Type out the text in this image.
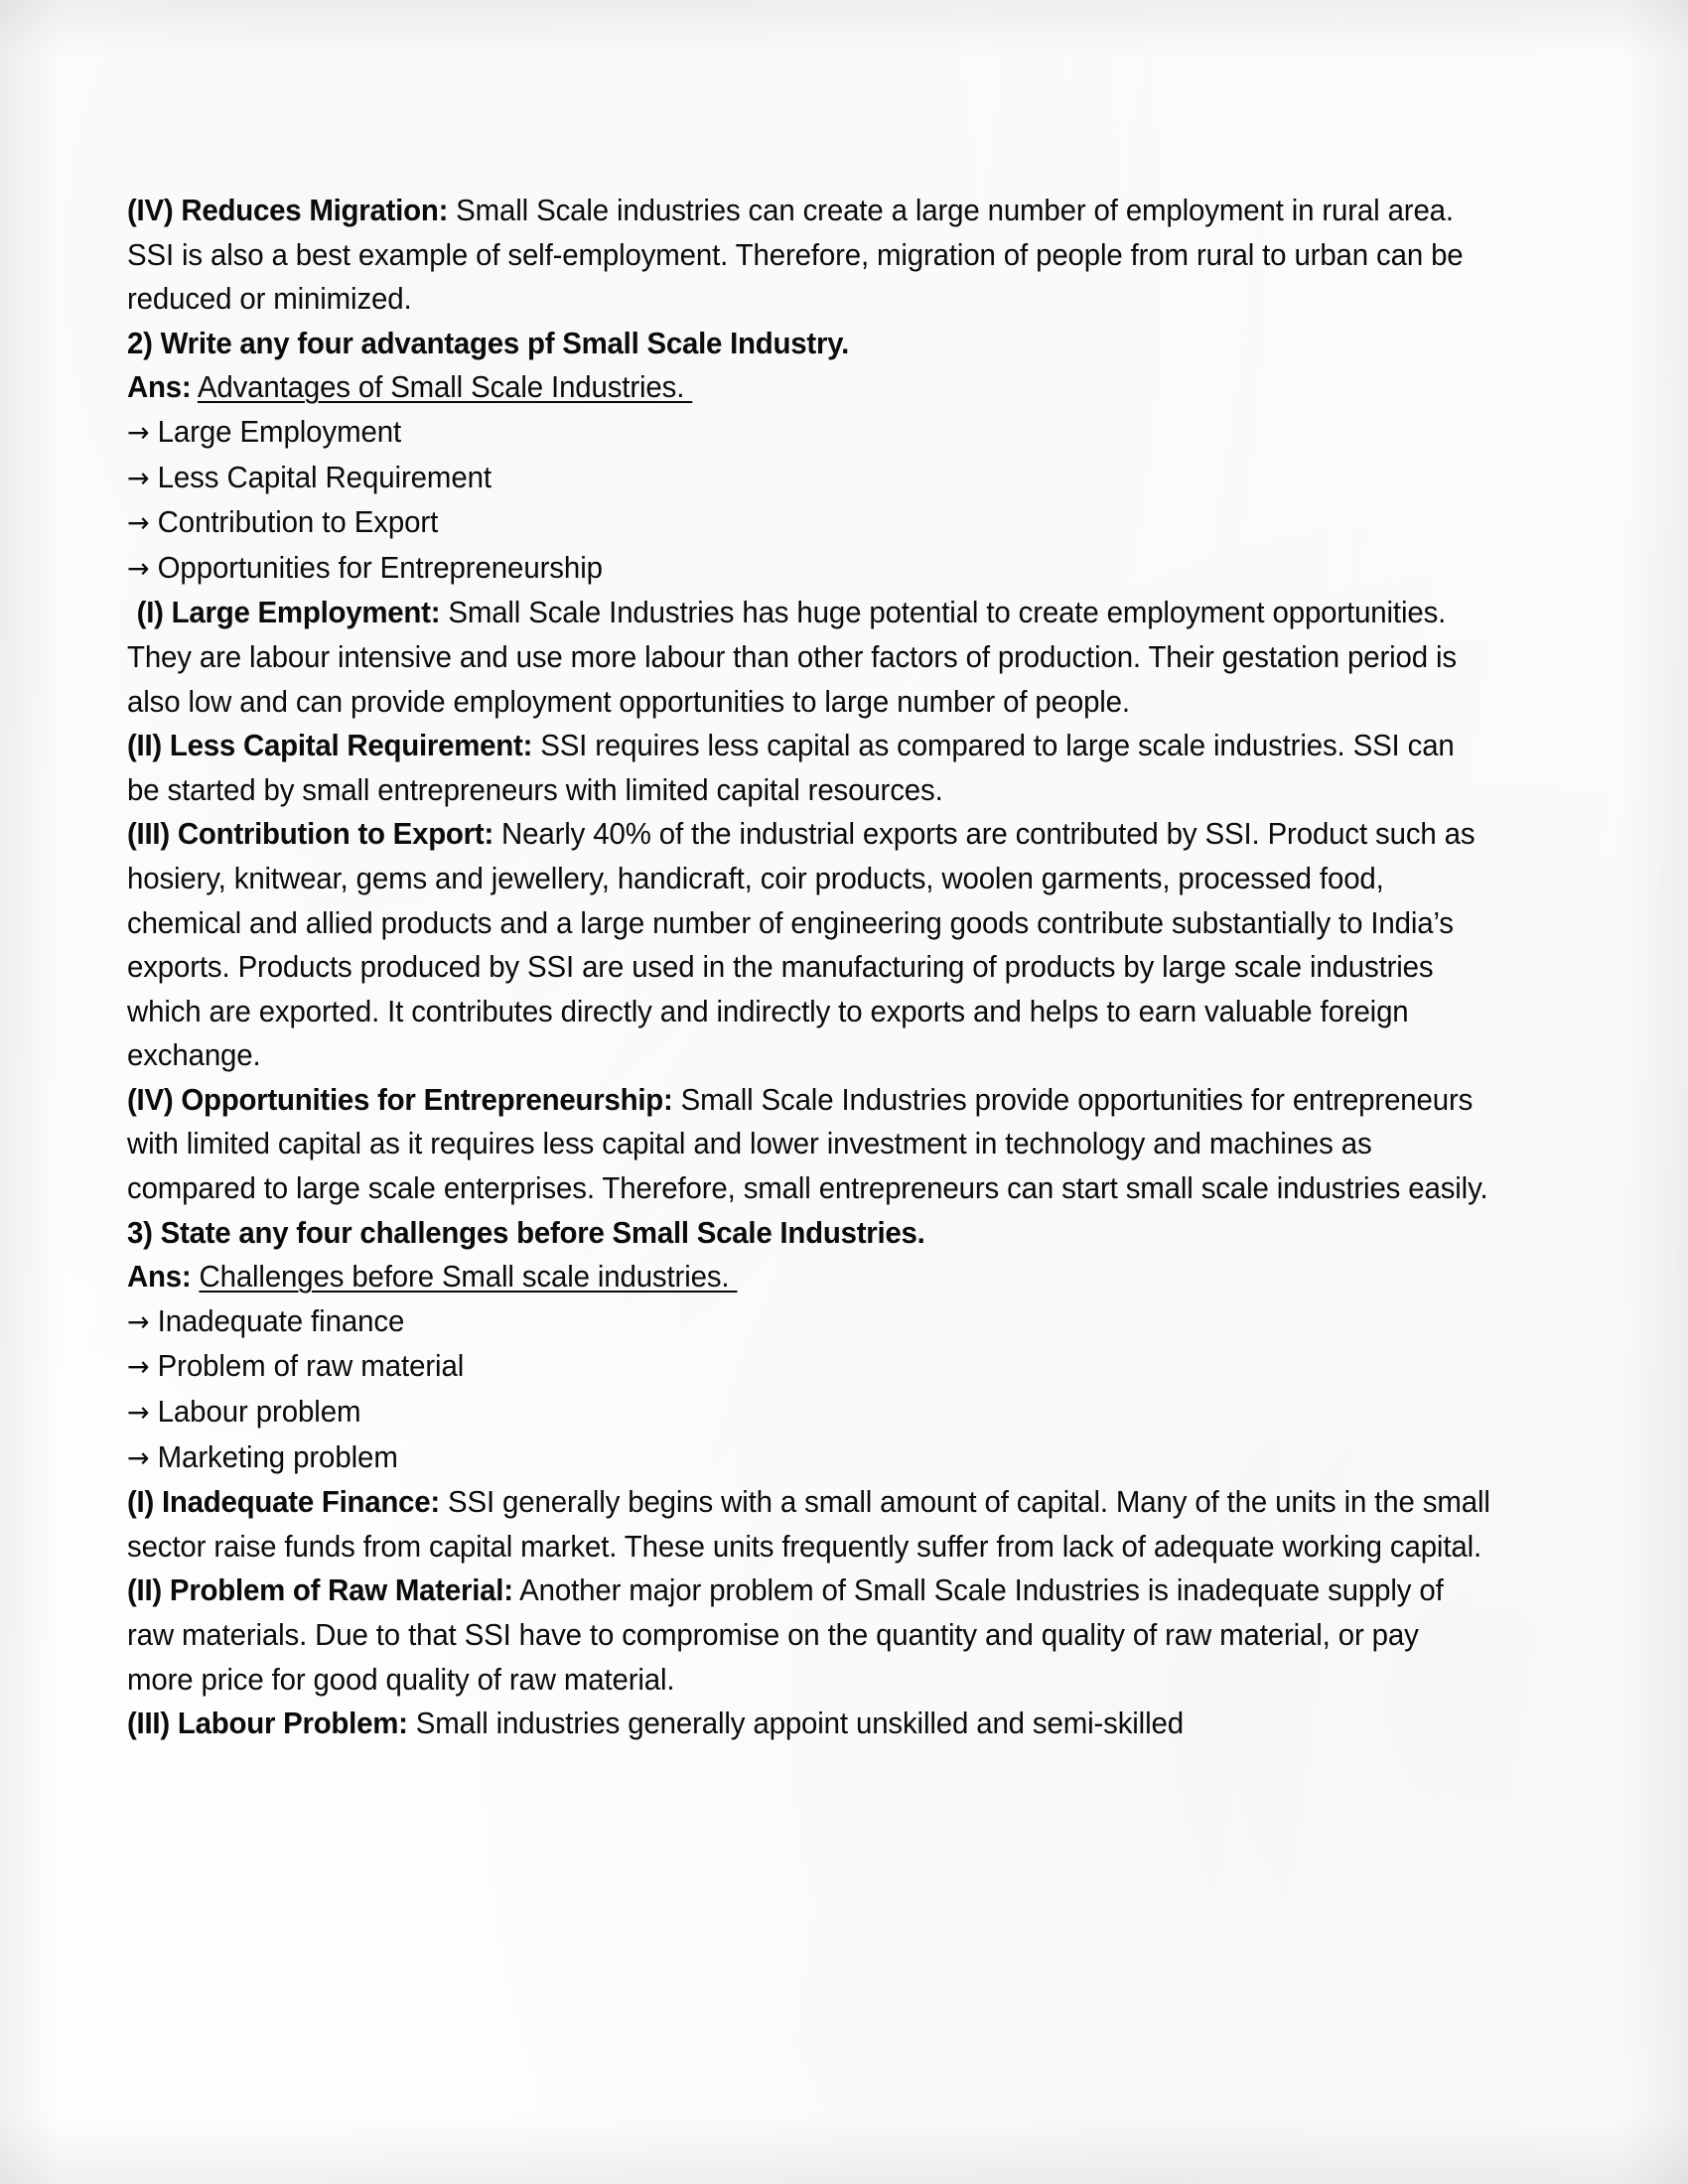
(IV) Reduces Migration: Small Scale industries can create a large number of employment in rural area. SSI is also a best example of self-employment. Therefore, migration of people from rural to urban can be reduced or minimized.
2) Write any four advantages pf Small Scale Industry.
Ans: Advantages of Small Scale Industries.
→ Large Employment
→ Less Capital Requirement
→ Contribution to Export
→ Opportunities for Entrepreneurship
(I) Large Employment: Small Scale Industries has huge potential to create employment opportunities. They are labour intensive and use more labour than other factors of production. Their gestation period is also low and can provide employment opportunities to large number of people.
(II) Less Capital Requirement: SSI requires less capital as compared to large scale industries. SSI can be started by small entrepreneurs with limited capital resources.
(III) Contribution to Export: Nearly 40% of the industrial exports are contributed by SSI. Product such as hosiery, knitwear, gems and jewellery, handicraft, coir products, woolen garments, processed food, chemical and allied products and a large number of engineering goods contribute substantially to India’s exports. Products produced by SSI are used in the manufacturing of products by large scale industries which are exported. It contributes directly and indirectly to exports and helps to earn valuable foreign exchange.
(IV) Opportunities for Entrepreneurship: Small Scale Industries provide opportunities for entrepreneurs with limited capital as it requires less capital and lower investment in technology and machines as compared to large scale enterprises. Therefore, small entrepreneurs can start small scale industries easily.
3) State any four challenges before Small Scale Industries.
Ans: Challenges before Small scale industries.
→ Inadequate finance
→ Problem of raw material
→ Labour problem
→ Marketing problem
(I) Inadequate Finance: SSI generally begins with a small amount of capital. Many of the units in the small sector raise funds from capital market. These units frequently suffer from lack of adequate working capital.
(II) Problem of Raw Material: Another major problem of Small Scale Industries is inadequate supply of raw materials. Due to that SSI have to compromise on the quantity and quality of raw material, or pay more price for good quality of raw material.
(III) Labour Problem: Small industries generally appoint unskilled and semi-skilled
